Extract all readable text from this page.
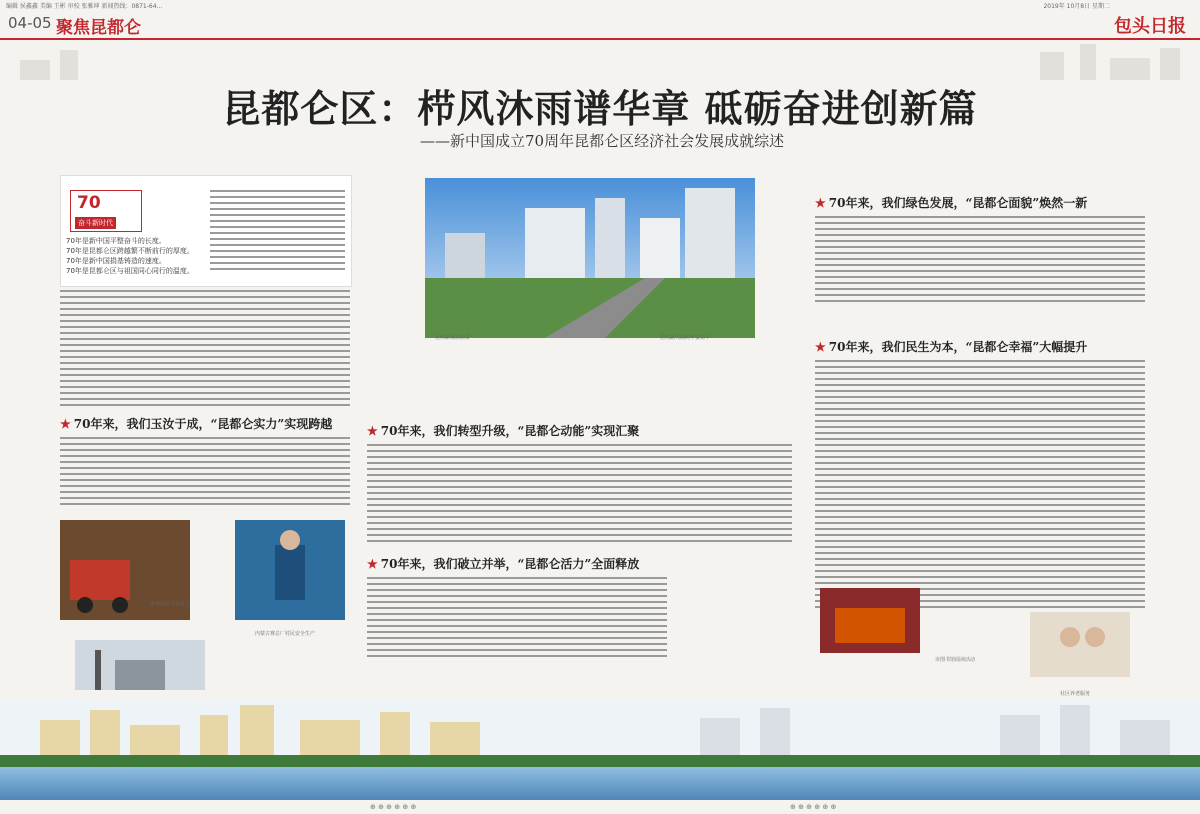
编辑 侯鑫鑫 美编 王彬 审校 张雅坤 新闻热线：0871-64...	2019年 10月8日 星期二
04-05 聚焦昆都仑	包头日报
昆都仑区：栉风沐雨谱华章 砥砺奋进创新篇
——新中国成立70周年昆都仑区经济社会发展成就综述
70
奋斗新时代
70年是新中国平整奋斗的长度。
70年是昆都仑区跨越繁不断前行的厚度。
70年是新中国捐基铸造的速度。
70年是昆都仑区与祖国同心同行的温度。
昆明新城东街景	昆明路大街的华安街中
★ 70年来，我们玉汝于成，“昆都仑实力”实现跨越
康视制造业新设立
内蒙古赛总厂村民安全生产
★ 70年来，我们转型升级，“昆都仑动能”实现汇聚
★ 70年来，我们破立并举，“昆都仑活力”全面释放
★ 70年来，我们绿色发展，“昆都仑面貌”焕然一新
★ 70年来，我们民生为本，“昆都仑幸福”大幅提升
市图书馆阅读活动
社区养老服务
⊕ ⊕ ⊕ ⊕ ⊕ ⊕	⊕ ⊕ ⊕ ⊕ ⊕ ⊕
